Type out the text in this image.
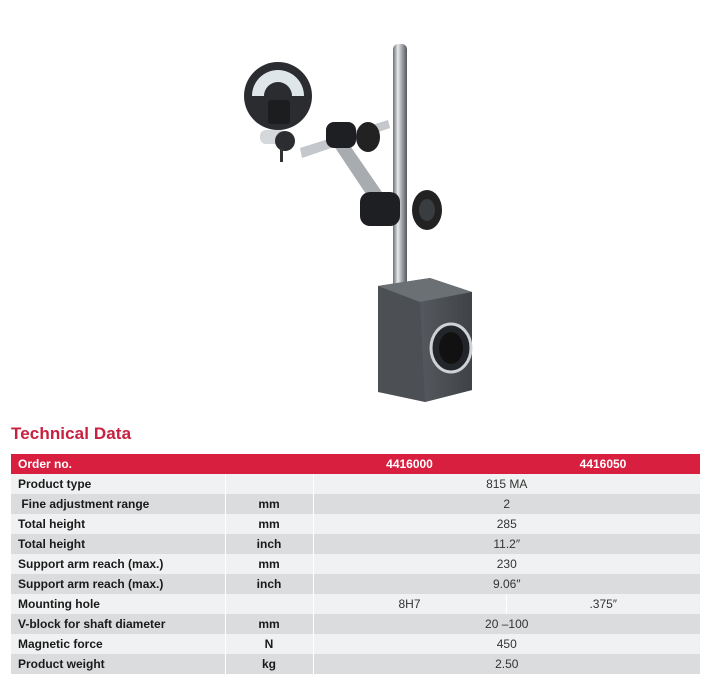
Technical Data
Order no.		4416000	4416050
Product type		815 MA	
Fine adjustment range	mm	2	
Total height	mm	285	
Total height	inch	11.2″	
Support arm reach (max.)	mm	230	
Support arm reach (max.)	inch	9.06″	
Mounting hole		8H7	.375″
V-block for shaft diameter	mm	20 –100	
Magnetic force	N	450	
Product weight	kg	2.50	
